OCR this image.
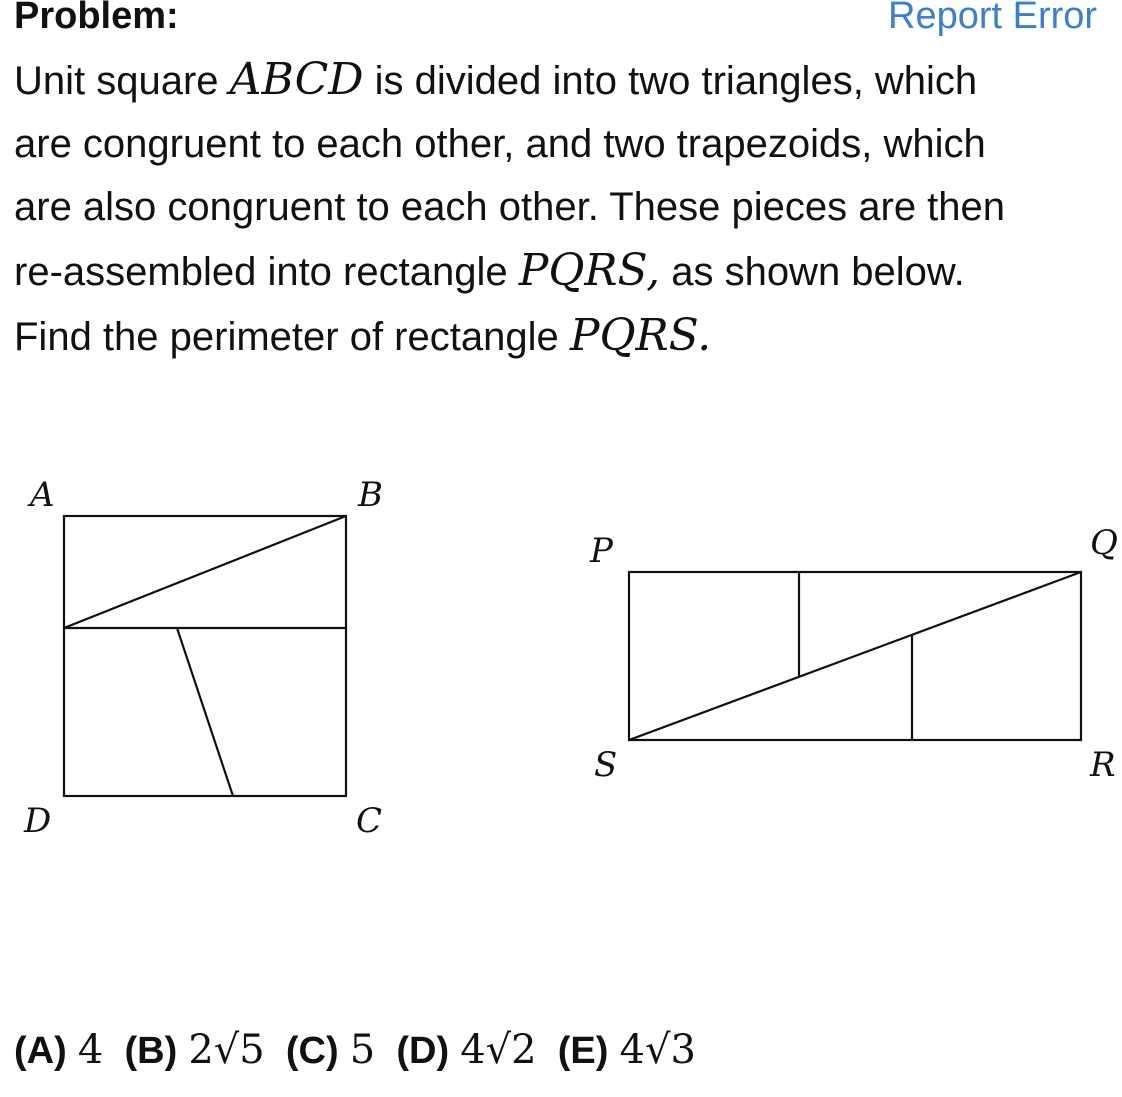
Problem:	Report Error
Unit square ABCD is divided into two triangles, which
are congruent to each other, and two trapezoids, which
are also congruent to each other. These pieces are then
re-assembled into rectangle PQRS, as shown below.
Find the perimeter of rectangle PQRS.
A	B
D	C
P	Q
S	R
(A) 4 (B) 2√5 (C) 5 (D) 4√2 (E) 4√3
